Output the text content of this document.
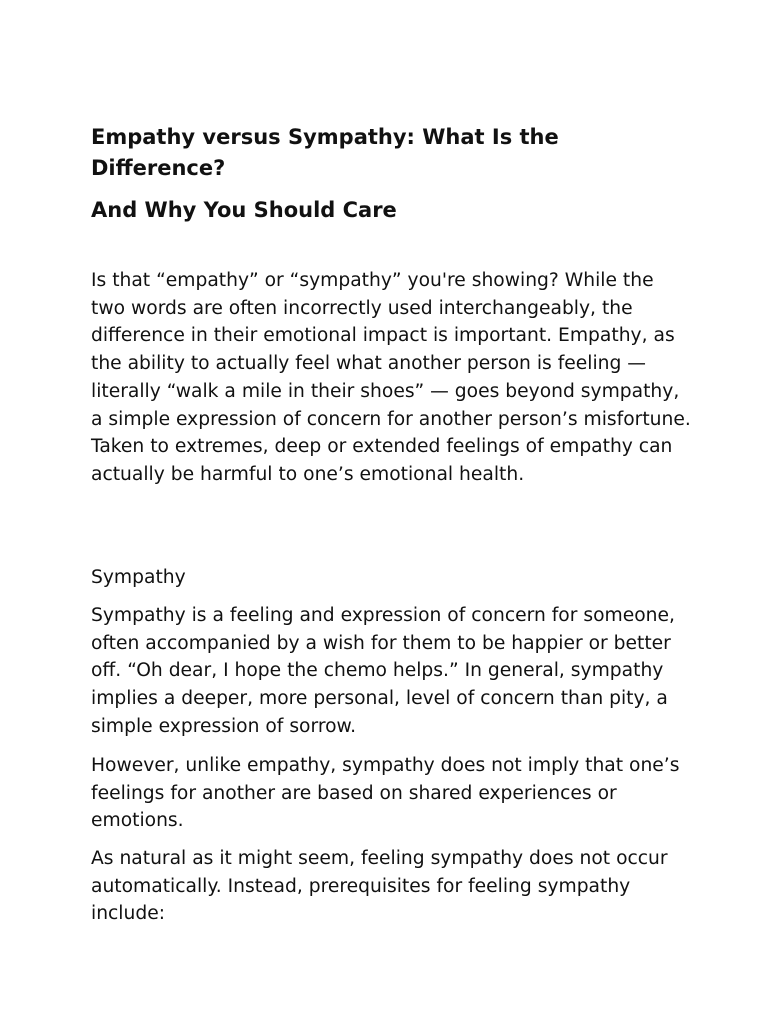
Empathy versus Sympathy: What Is the Difference?
And Why You Should Care

Is that “empathy” or “sympathy” you're showing? While the two words are often incorrectly used interchangeably, the difference in their emotional impact is important. Empathy, as the ability to actually feel what another person is feeling — literally “walk a mile in their shoes” — goes beyond sympathy, a simple expression of concern for another person’s misfortune. Taken to extremes, deep or extended feelings of empathy can actually be harmful to one’s emotional health.

Sympathy

Sympathy is a feeling and expression of concern for someone, often accompanied by a wish for them to be happier or better off. “Oh dear, I hope the chemo helps.” In general, sympathy implies a deeper, more personal, level of concern than pity, a simple expression of sorrow.

However, unlike empathy, sympathy does not imply that one’s feelings for another are based on shared experiences or emotions.

As natural as it might seem, feeling sympathy does not occur automatically. Instead, prerequisites for feeling sympathy include:
